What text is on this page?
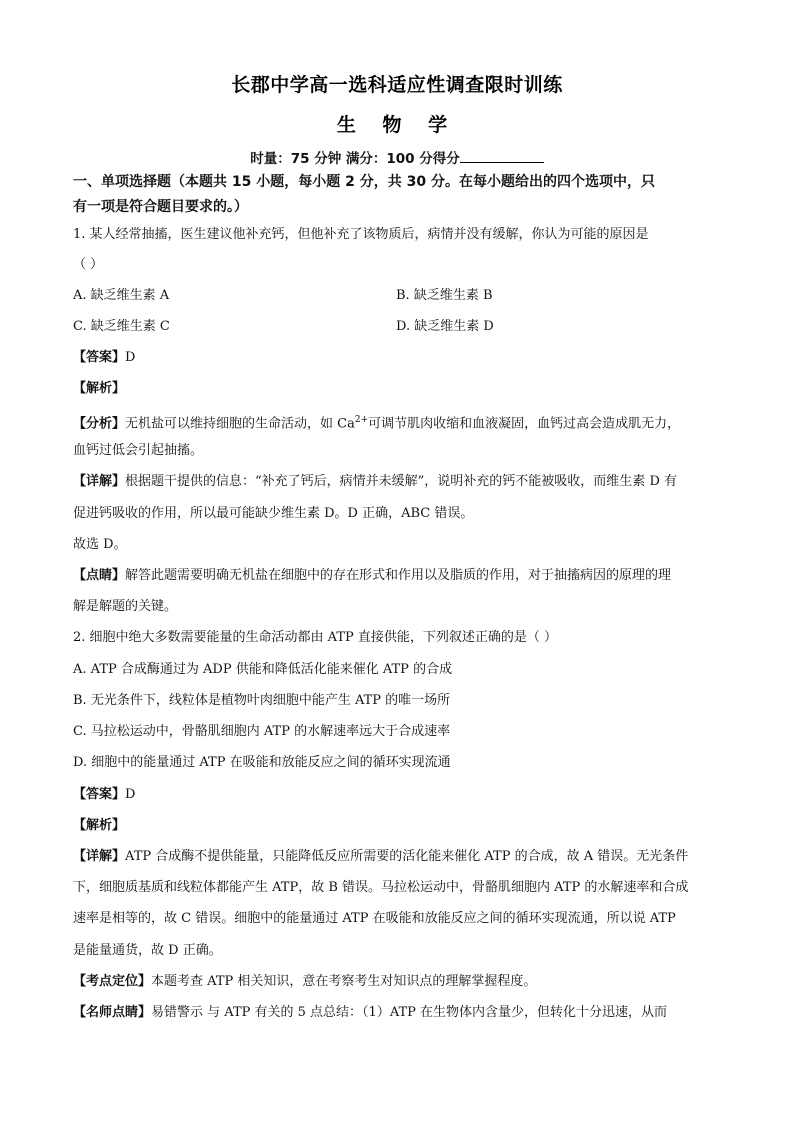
长郡中学高一选科适应性调查限时训练
生 物 学
时量：75 分钟 满分：100 分得分
一、单项选择题（本题共 15 小题，每小题 2 分，共 30 分。在每小题给出的四个选项中，只
有一项是符合题目要求的。）
1. 某人经常抽搐，医生建议他补充钙，但他补充了该物质后，病情并没有缓解，你认为可能的原因是
（ ）
A. 缺乏维生素 A	B. 缺乏维生素 B
C. 缺乏维生素 C	D. 缺乏维生素 D
【答案】D
【解析】
【分析】无机盐可以维持细胞的生命活动，如 $Ca^{2+}$可调节肌肉收缩和血液凝固，血钙过高会造成肌无力，
血钙过低会引起抽搐。
【详解】根据题干提供的信息：“补充了钙后，病情并未缓解”，说明补充的钙不能被吸收，而维生素 D 有
促进钙吸收的作用，所以最可能缺少维生素 D。D 正确，ABC 错误。
故选 D。
【点睛】解答此题需要明确无机盐在细胞中的存在形式和作用以及脂质的作用，对于抽搐病因的原理的理
解是解题的关键。
2. 细胞中绝大多数需要能量的生命活动都由 ATP 直接供能，下列叙述正确的是（ ）
A. ATP 合成酶通过为 ADP 供能和降低活化能来催化 ATP 的合成
B. 无光条件下，线粒体是植物叶肉细胞中能产生 ATP 的唯一场所
C. 马拉松运动中，骨骼肌细胞内 ATP 的水解速率远大于合成速率
D. 细胞中的能量通过 ATP 在吸能和放能反应之间的循环实现流通
【答案】D
【解析】
【详解】ATP 合成酶不提供能量，只能降低反应所需要的活化能来催化 ATP 的合成，故 A 错误。无光条件
下，细胞质基质和线粒体都能产生 ATP，故 B 错误。马拉松运动中，骨骼肌细胞内 ATP 的水解速率和合成
速率是相等的，故 C 错误。细胞中的能量通过 ATP 在吸能和放能反应之间的循环实现流通，所以说 ATP
是能量通货，故 D 正确。
【考点定位】本题考查 ATP 相关知识，意在考察考生对知识点的理解掌握程度。
【名师点睛】易错警示 与 ATP 有关的 5 点总结：（1）ATP 在生物体内含量少，但转化十分迅速，从而
